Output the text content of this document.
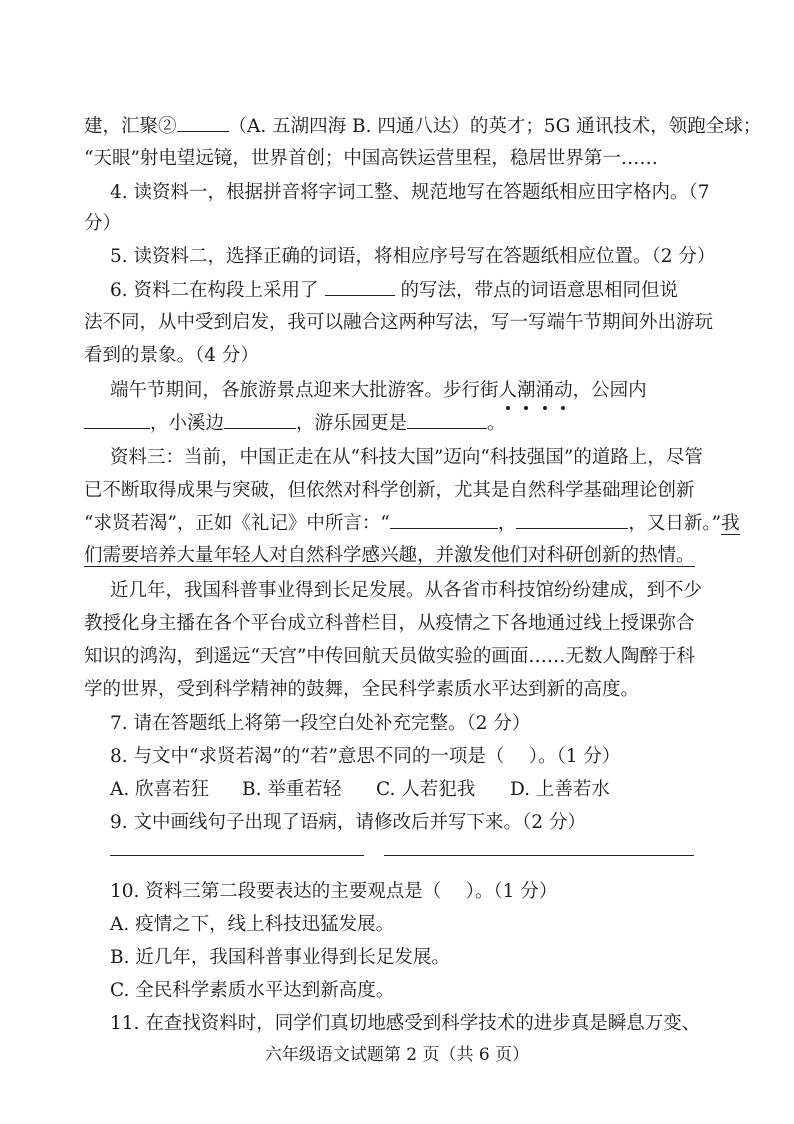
建，汇聚②	（A. 五湖四海 B. 四通八达）的英才；5G 通讯技术，领跑全球；
“天眼”射电望远镜，世界首创；中国高铁运营里程，稳居世界第一……
4. 读资料一，根据拼音将字词工整、规范地写在答题纸相应田字格内。（7
分）
5. 读资料二，选择正确的词语，将相应序号写在答题纸相应位置。（2 分）
6. 资料二在构段上采用了	的写法，带点的词语意思相同但说
法不同，从中受到启发，我可以融合这两种写法，写一写端午节期间外出游玩
看到的景象。（4 分）
端午节期间，各旅游景点迎来大批游客。步行街人潮涌动，公园内
，小溪边	，游乐园更是	。
资料三：当前，中国正走在从“科技大国”迈向“科技强国”的道路上，尽管
已不断取得成果与突破，但依然对科学创新，尤其是自然科学基础理论创新
“求贤若渴”，正如《礼记》中所言：“	，	，又日新。”我
们需要培养大量年轻人对自然科学感兴趣，并激发他们对科研创新的热情。
近几年，我国科普事业得到长足发展。从各省市科技馆纷纷建成，到不少
教授化身主播在各个平台成立科普栏目，从疫情之下各地通过线上授课弥合
知识的鸿沟，到遥远“天宫”中传回航天员做实验的画面……无数人陶醉于科
学的世界，受到科学精神的鼓舞，全民科学素质水平达到新的高度。
7. 请在答题纸上将第一段空白处补充完整。（2 分）
8. 与文中“求贤若渴”的“若”意思不同的一项是（　 ）。（1 分）
A. 欣喜若狂 B. 举重若轻 C. 人若犯我 D. 上善若水
9. 文中画线句子出现了语病，请修改后并写下来。（2 分）
10. 资料三第二段要表达的主要观点是（　 ）。（1 分）
A. 疫情之下，线上科技迅猛发展。
B. 近几年，我国科普事业得到长足发展。
C. 全民科学素质水平达到新高度。
11. 在查找资料时，同学们真切地感受到科学技术的进步真是瞬息万变、
六年级语文试题第 2 页（共 6 页）
